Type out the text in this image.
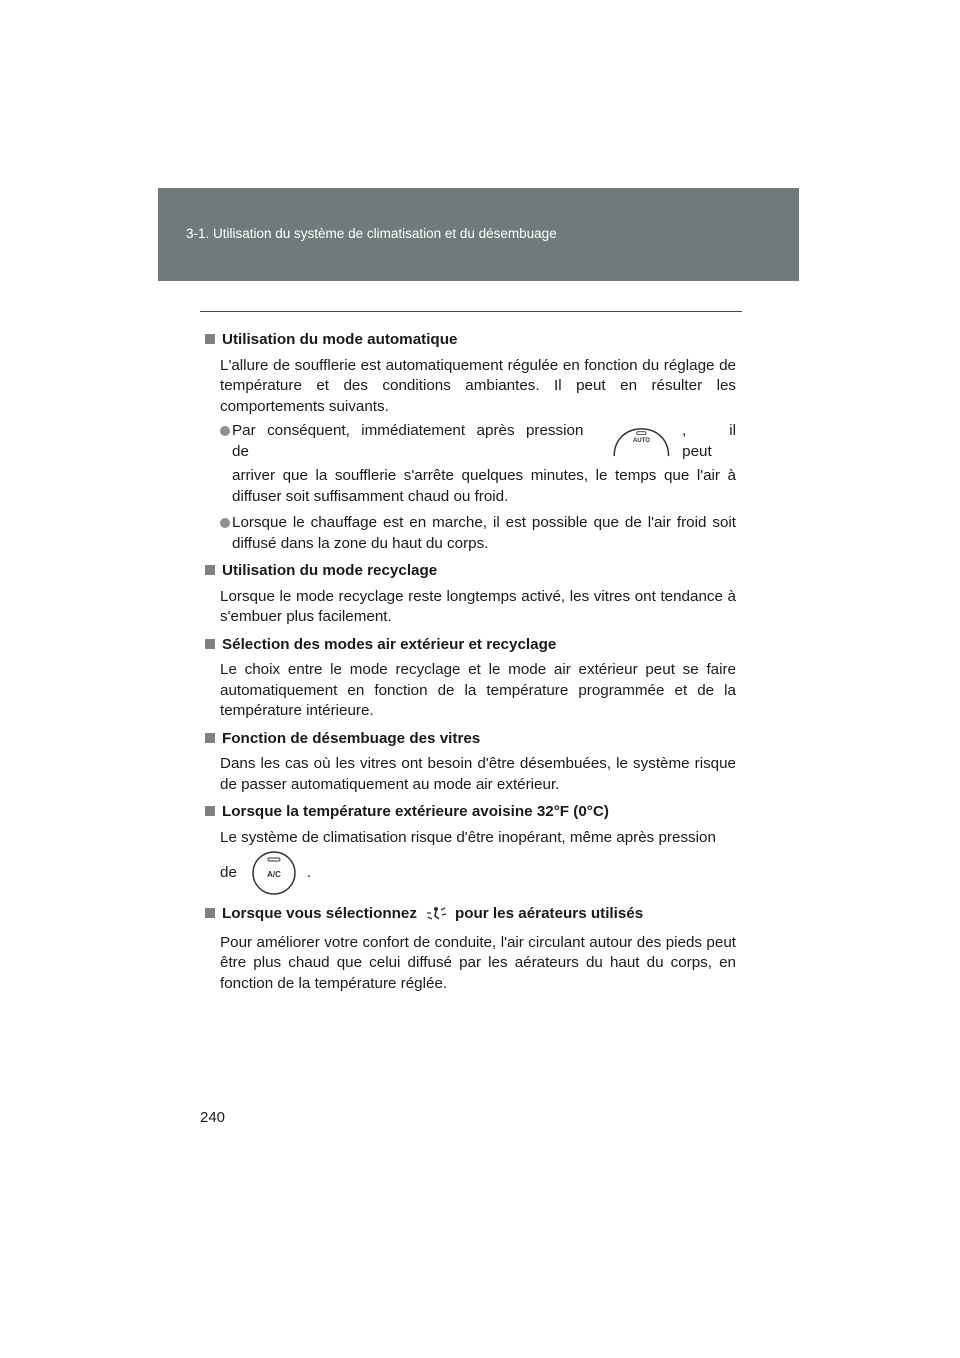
3-1. Utilisation du système de climatisation et du désembuage
Utilisation du mode automatique
L'allure de soufflerie est automatiquement régulée en fonction du réglage de température et des conditions ambiantes. Il peut en résulter les comportements suivants.
Par conséquent, immédiatement après pression de
AUTO
, il peut
arriver que la soufflerie s'arrête quelques minutes, le temps que l'air à diffuser soit suffisamment chaud ou froid.
Lorsque le chauffage est en marche, il est possible que de l'air froid soit diffusé dans la zone du haut du corps.
Utilisation du mode recyclage
Lorsque le mode recyclage reste longtemps activé, les vitres ont tendance à s'embuer plus facilement.
Sélection des modes air extérieur et recyclage
Le choix entre le mode recyclage et le mode air extérieur peut se faire automatiquement en fonction de la température programmée et de la température intérieure.
Fonction de désembuage des vitres
Dans les cas où les vitres ont besoin d'être désembuées, le système risque de passer automatiquement au mode air extérieur.
Lorsque la température extérieure avoisine 32°F (0°C)
Le système de climatisation risque d'être inopérant, même après pression
de	A/C .
Lorsque vous sélectionnez	pour les aérateurs utilisés
Pour améliorer votre confort de conduite, l'air circulant autour des pieds peut être plus chaud que celui diffusé par les aérateurs du haut du corps, en fonction de la température réglée.
240
